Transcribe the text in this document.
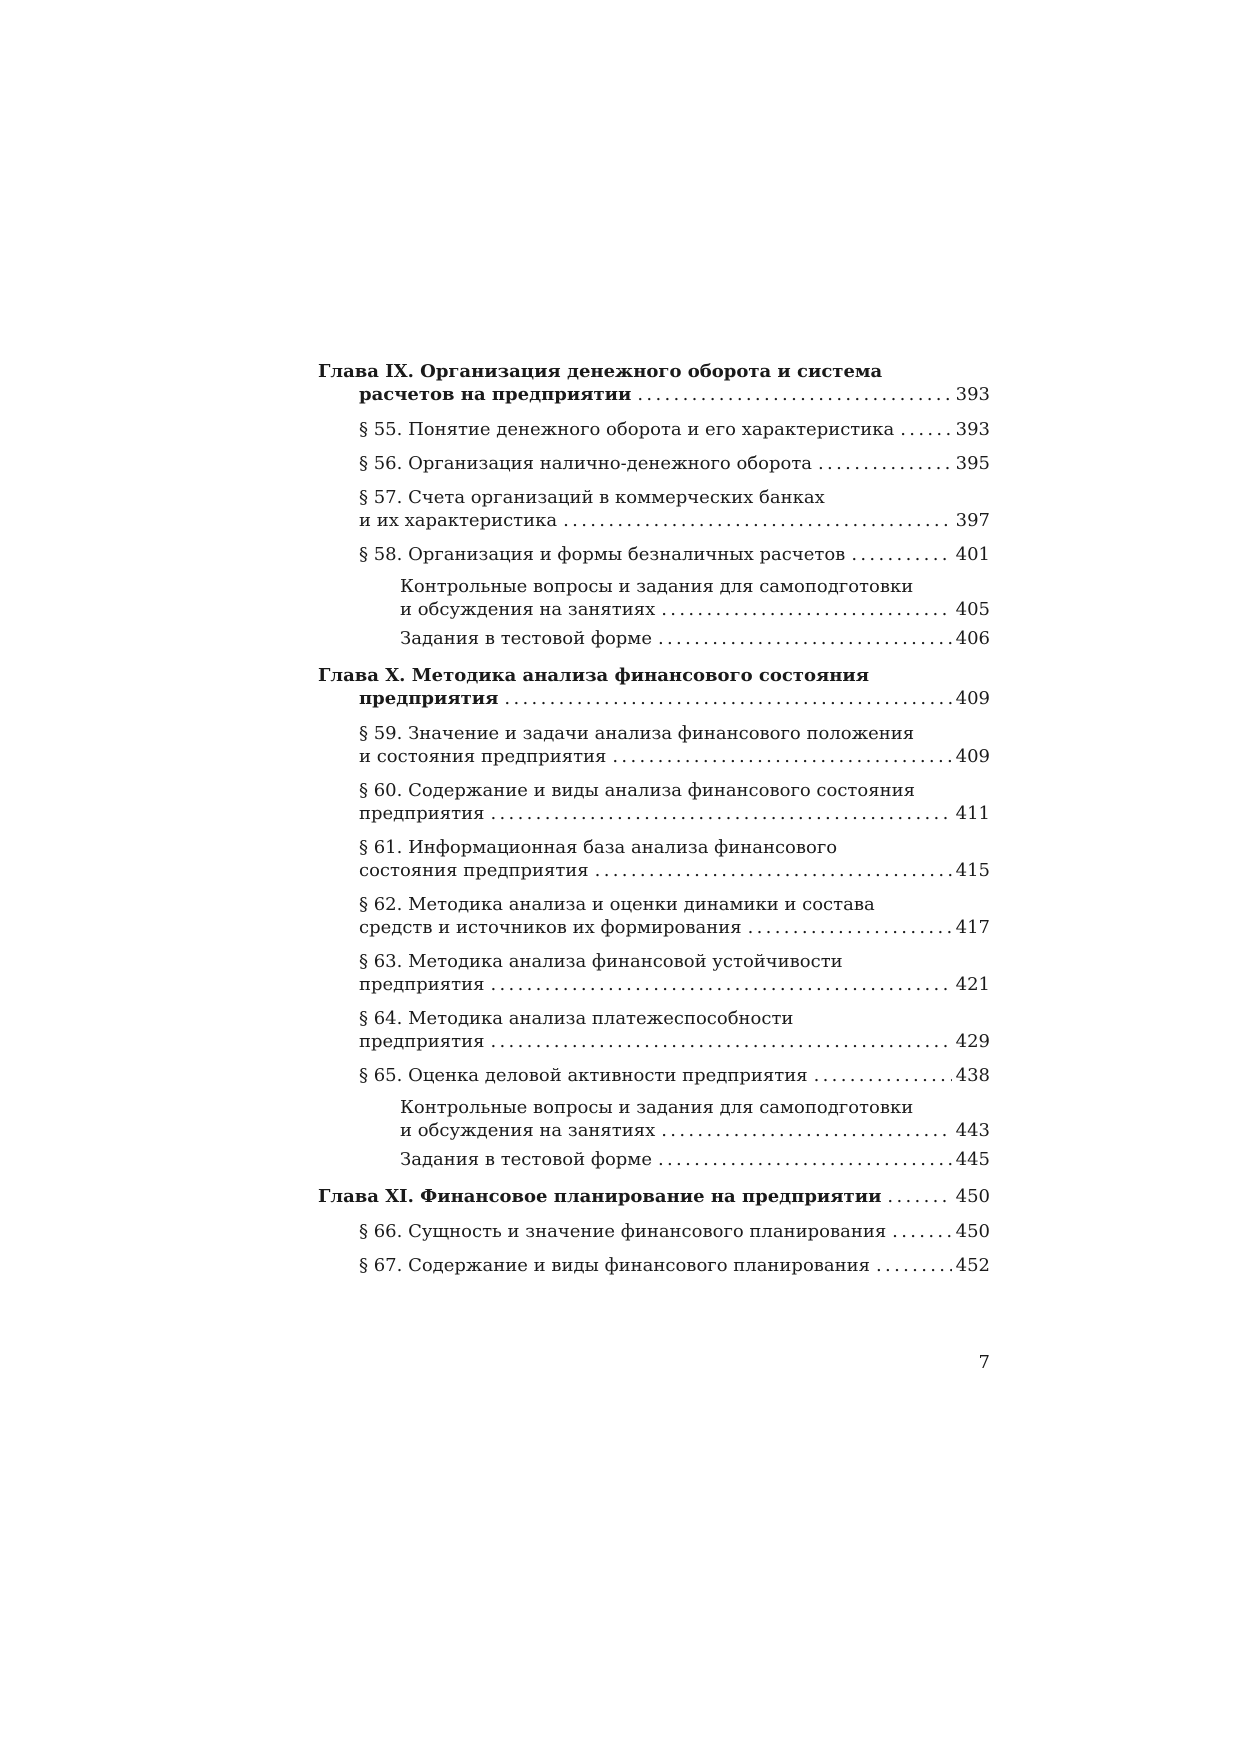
Глава IX. Организация денежного оборота и система
расчетов на предприятии . . .	393
§ 55. Понятие денежного оборота и его характеристика . . .	393
§ 56. Организация налично-денежного оборота . . .	395
§ 57. Счета организаций в коммерческих банках
и их характеристика . . .	397
§ 58. Организация и формы безналичных расчетов . . .	401
Контрольные вопросы и задания для самоподготовки
и обсуждения на занятиях . . .	405
Задания в тестовой форме . . .	406
Глава X. Методика анализа финансового состояния
предприятия . . .	409
§ 59. Значение и задачи анализа финансового положения
и состояния предприятия . . .	409
§ 60. Содержание и виды анализа финансового состояния
предприятия . . .	411
§ 61. Информационная база анализа финансового
состояния предприятия . . .	415
§ 62. Методика анализа и оценки динамики и состава
средств и источников их формирования . . .	417
§ 63. Методика анализа финансовой устойчивости
предприятия . . .	421
§ 64. Методика анализа платежеспособности
предприятия . . .	429
§ 65. Оценка деловой активности предприятия . . .	438
Контрольные вопросы и задания для самоподготовки
и обсуждения на занятиях . . .	443
Задания в тестовой форме . . .	445
Глава XI. Финансовое планирование на предприятии . . .	450
§ 66. Сущность и значение финансового планирования . . .	450
§ 67. Содержание и виды финансового планирования . . .	452
7
